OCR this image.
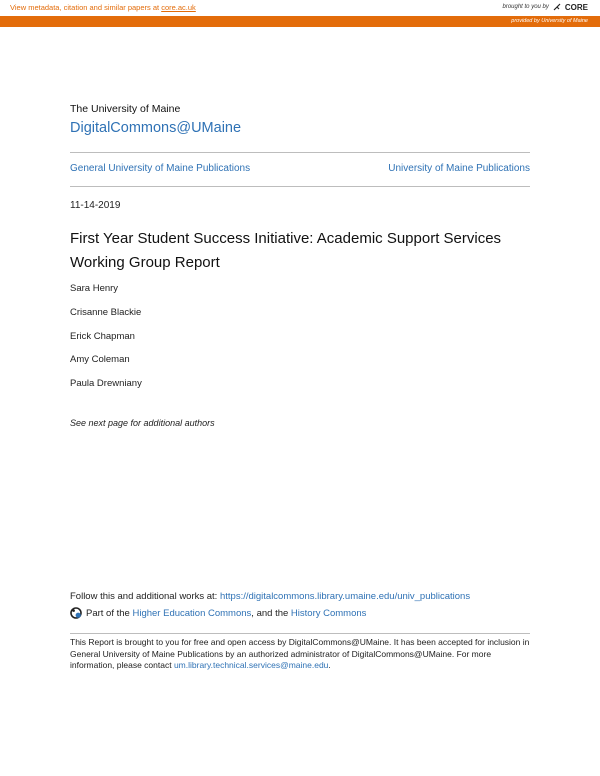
View metadata, citation and similar papers at core.ac.uk	brought to you by CORE
provided by University of Maine
The University of Maine
DigitalCommons@UMaine
General University of Maine Publications	University of Maine Publications
11-14-2019
First Year Student Success Initiative: Academic Support Services Working Group Report
Sara Henry
Crisanne Blackie
Erick Chapman
Amy Coleman
Paula Drewniany
See next page for additional authors
Follow this and additional works at: https://digitalcommons.library.umaine.edu/univ_publications
Part of the Higher Education Commons, and the History Commons
This Report is brought to you for free and open access by DigitalCommons@UMaine. It has been accepted for inclusion in General University of Maine Publications by an authorized administrator of DigitalCommons@UMaine. For more information, please contact um.library.technical.services@maine.edu.
